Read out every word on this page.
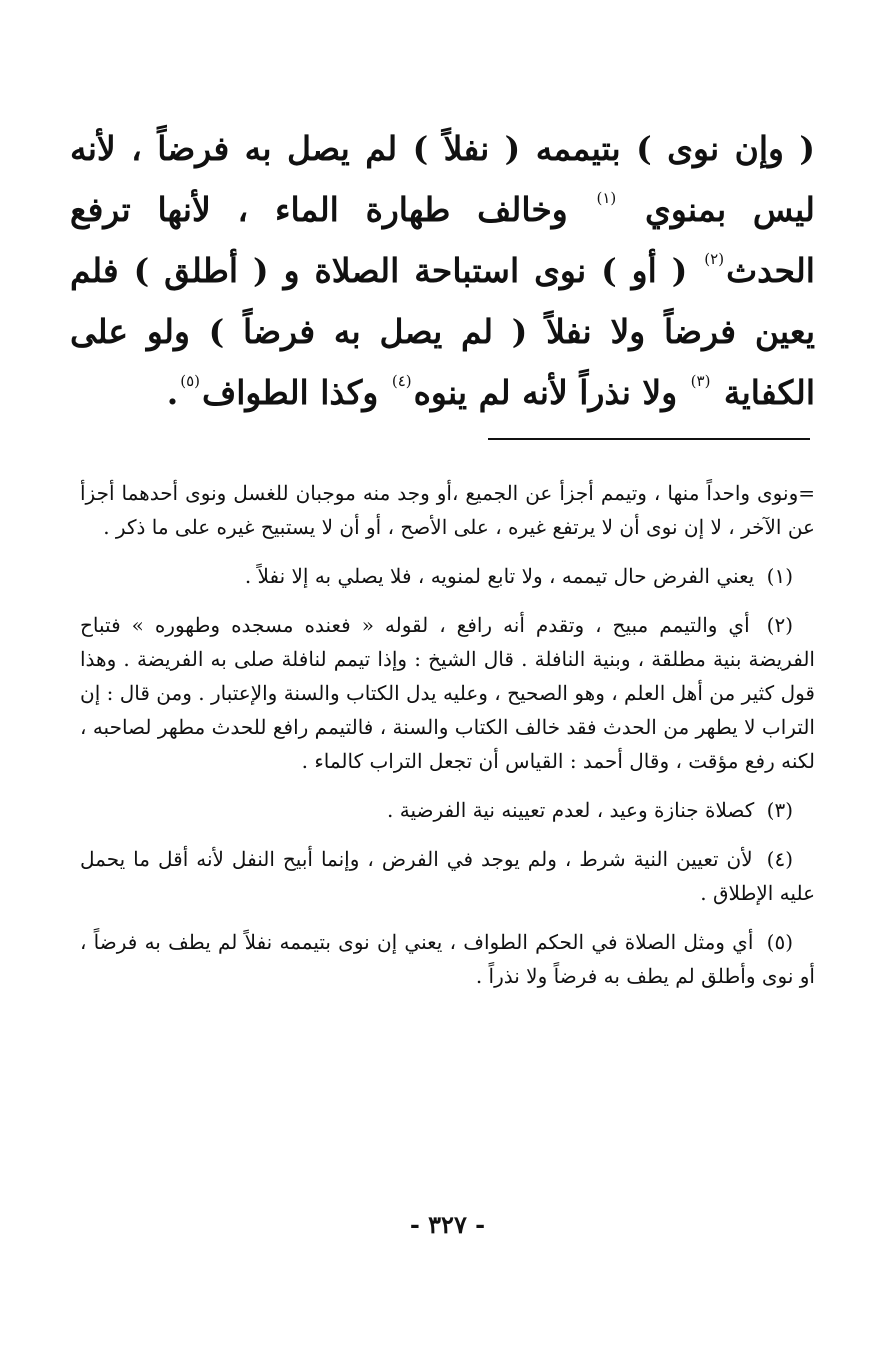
( وإن نوى ) بتيممه ( نفلاً ) لم يصل به فرضاً ، لأنه ليس بمنوي $^{(١)}$ وخالف طهارة الماء ، لأنها ترفع الحدث$^{(٢)}$ ( أو ) نوى استباحة الصلاة و ( أطلق ) فلم يعين فرضاً ولا نفلاً ( لم يصل به فرضاً ) ولو على الكفاية $^{(٣)}$ ولا نذراً لأنه لم ينوه$^{(٤)}$ وكذا الطواف$^{(٥)}$.

=ونوى واحداً منها ، وتيمم أجزأ عن الجميع ،أو وجد منه موجبان للغسل ونوى أحدهما أجزأ عن الآخر ، لا إن نوى أن لا يرتفع غيره ، على الأصح ، أو أن لا يستبيح غيره على ما ذكر .

(١) يعني الفرض حال تيممه ، ولا تابع لمنويه ، فلا يصلي به إلا نفلاً .

(٢) أي والتيمم مبيح ، وتقدم أنه رافع ، لقوله « فعنده مسجده وطهوره » فتباح الفريضة بنية مطلقة ، وبنية النافلة . قال الشيخ : وإذا تيمم لنافلة صلى به الفريضة . وهذا قول كثير من أهل العلم ، وهو الصحيح ، وعليه يدل الكتاب والسنة والإعتبار . ومن قال : إن التراب لا يطهر من الحدث فقد خالف الكتاب والسنة ، فالتيمم رافع للحدث مطهر لصاحبه ، لكنه رفع مؤقت ، وقال أحمد : القياس أن تجعل التراب كالماء .

(٣) كصلاة جنازة وعيد ، لعدم تعيينه نية الفرضية .

(٤) لأن تعيين النية شرط ، ولم يوجد في الفرض ، وإنما أبيح النفل لأنه أقل ما يحمل عليه الإطلاق .

(٥) أي ومثل الصلاة في الحكم الطواف ، يعني إن نوى بتيممه نفلاً لم يطف به فرضاً ، أو نوى وأطلق لم يطف به فرضاً ولا نذراً .

- ٣٢٧ -
